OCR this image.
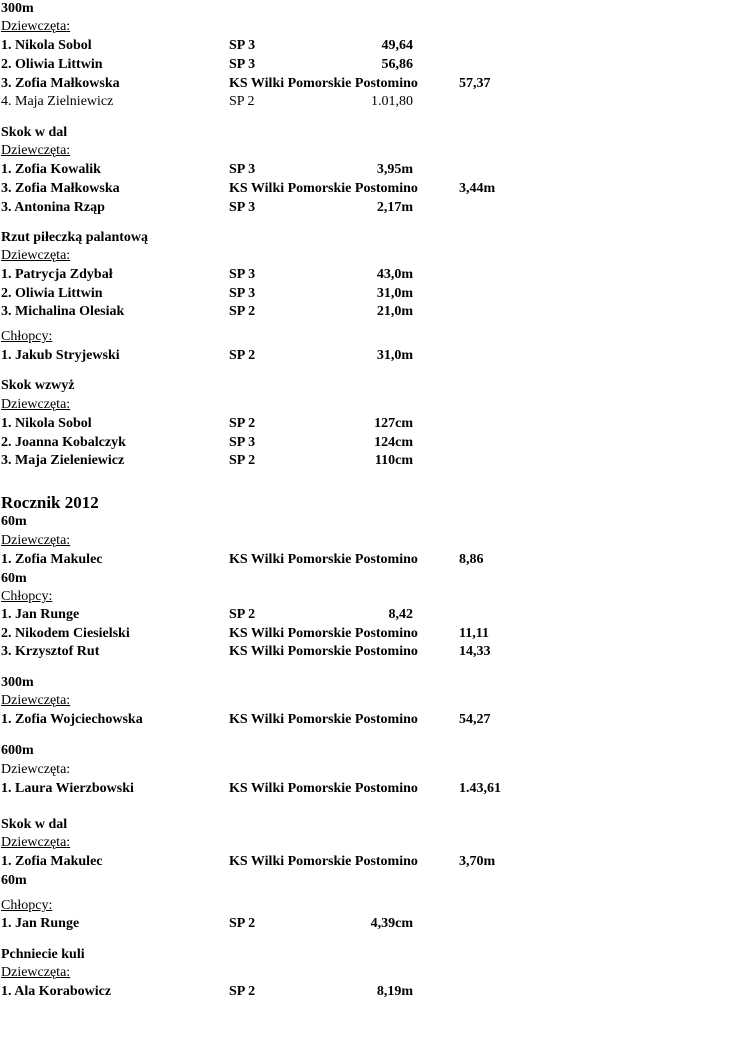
300m
Dziewczęta:
1. Nikola Sobol	SP 3	49,64
2. Oliwia Littwin	SP 3	56,86
3. Zofia Małkowska	KS Wilki Pomorskie Postomino	57,37
4. Maja Zielniewicz	SP 2	1.01,80
Skok w dal
Dziewczęta:
1. Zofia Kowalik	SP 3	3,95m
3. Zofia Małkowska	KS Wilki Pomorskie Postomino	3,44m
3. Antonina Rząp	SP 3	2,17m
Rzut piłeczką palantową
Dziewczęta:
1. Patrycja Zdybał	SP 3	43,0m
2. Oliwia Littwin	SP 3	31,0m
3. Michalina Olesiak	SP 2	21,0m
Chłopcy:
1. Jakub Stryjewski	SP 2	31,0m
Skok wzwyż
Dziewczęta:
1. Nikola Sobol	SP 2	127cm
2. Joanna Kobalczyk	SP 3	124cm
3. Maja Zieleniewicz	SP 2	110cm
Rocznik 2012
60m
Dziewczęta:
1. Zofia Makulec	KS Wilki Pomorskie Postomino	8,86
60m
Chłopcy:
1. Jan Runge	SP 2	8,42
2. Nikodem Ciesielski	KS Wilki Pomorskie Postomino	11,11
3. Krzysztof Rut	KS Wilki Pomorskie Postomino	14,33
300m
Dziewczęta:
1. Zofia Wojciechowska	KS Wilki Pomorskie Postomino	54,27
600m
Dziewczęta:
1. Laura Wierzbowski	KS Wilki Pomorskie Postomino	1.43,61
Skok w dal
Dziewczęta:
1. Zofia Makulec	KS Wilki Pomorskie Postomino	3,70m
60m
Chłopcy:
1. Jan Runge	SP 2	4,39cm
Pchniecie kuli
Dziewczęta:
1. Ala Korabowicz	SP 2	8,19m
